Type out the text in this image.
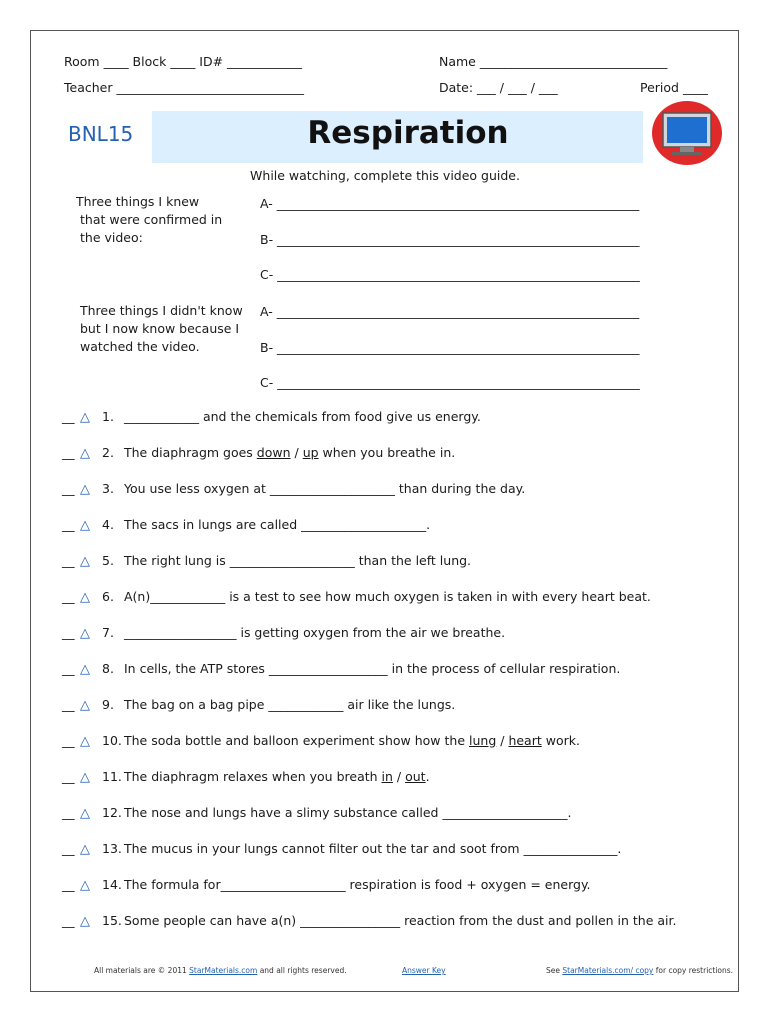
Room ____ Block ____ ID# ____________	Name ______________________________
Teacher ______________________________	Date: ___ / ___ / ___	Period ____
BNL15	Respiration
While watching, complete this video guide.
Three things I knew
that were confirmed in
the video:
A- __________________________________________________________
B- __________________________________________________________
C- __________________________________________________________
Three things I didn't know
but I now know because I
watched the video.
A- __________________________________________________________
B- __________________________________________________________
C- __________________________________________________________
__ △ 1. ____________ and the chemicals from food give us energy.
__ △ 2. The diaphragm goes down / up when you breathe in.
__ △ 3. You use less oxygen at ____________________ than during the day.
__ △ 4. The sacs in lungs are called ____________________.
__ △ 5. The right lung is ____________________ than the left lung.
__ △ 6. A(n)____________ is a test to see how much oxygen is taken in with every heart beat.
__ △ 7. __________________ is getting oxygen from the air we breathe.
__ △ 8. In cells, the ATP stores ___________________ in the process of cellular respiration.
__ △ 9. The bag on a bag pipe ____________ air like the lungs.
__ △ 10. The soda bottle and balloon experiment show how the lung / heart work.
__ △ 11. The diaphragm relaxes when you breath in / out.
__ △ 12. The nose and lungs have a slimy substance called ____________________.
__ △ 13. The mucus in your lungs cannot filter out the tar and soot from _______________.
__ △ 14. The formula for____________________ respiration is food + oxygen = energy.
__ △ 15. Some people can have a(n) ________________ reaction from the dust and pollen in the air.
All materials are © 2011 StarMaterials.com and all rights reserved.	Answer Key	See StarMaterials.com/ copy for copy restrictions.
